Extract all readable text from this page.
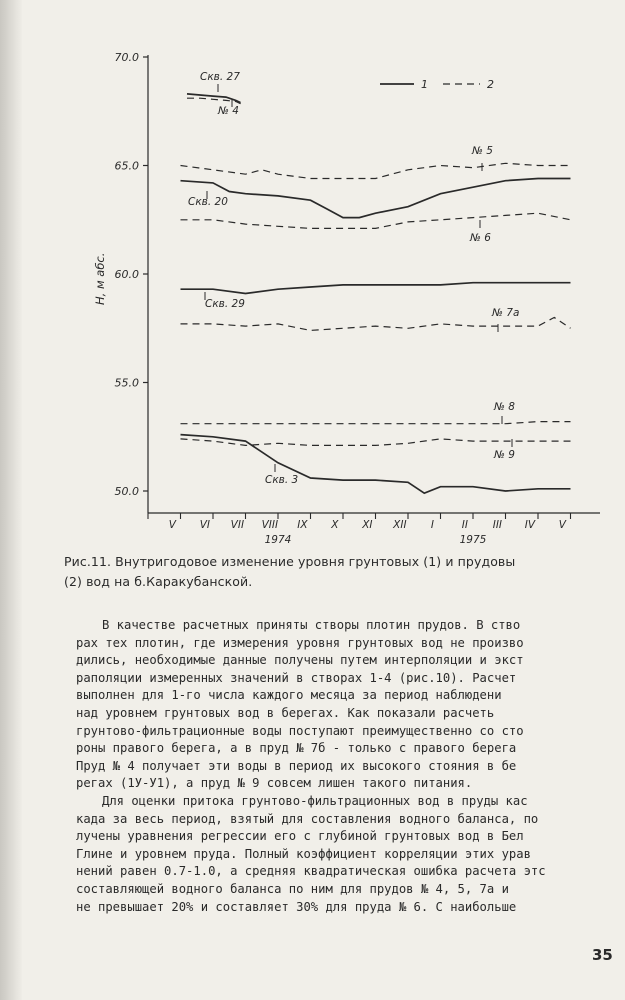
70.0
65.0
60.0
55.0
50.0
V VI VII VIII IX X XI XII I	II III IV V
1974	1975
Скв. 27
№ 4
№ 5
Скв. 20
№ 6
Скв. 29
№ 7а
№ 8
Скв. 3
№ 9
1	2
H, м абс.
Рис.11. Внутригодовое изменение уровня грунтовых (1) и прудовы
(2) вод на б.Каракубанской.
В качестве расчетных приняты створы плотин прудов. В ство
рах тех плотин, где измерения уровня грунтовых вод не произво
дились, необходимые данные получены путем интерполяции и экст
раполяции измеренных значений в створах 1-4 (рис.10). Расчет
выполнен для 1-го числа каждого месяца за период наблюдени
над уровнем грунтовых вод в берегах. Как показали расчеть
грунтово-фильтрационные воды поступают преимущественно со сто
роны правого берега, а в пруд № 7б - только с правого берега
Пруд № 4 получает эти воды в период их высокого стояния в бе
регах (1У-У1), а пруд № 9 совсем лишен такого питания.
Для оценки притока грунтово-фильтрационных вод в пруды кас
када за весь период, взятый для составления водного баланса, по
лучены уравнения регрессии его с глубиной грунтовых вод в Бел
Глине и уровнем пруда. Полный коэффициент корреляции этих урав
нений равен 0.7-1.0, а средняя квадратическая ошибка расчета этс
составляющей водного баланса по ним для прудов № 4, 5, 7а и
не превышает 20% и составляет 30% для пруда № 6. С наибольше
35
